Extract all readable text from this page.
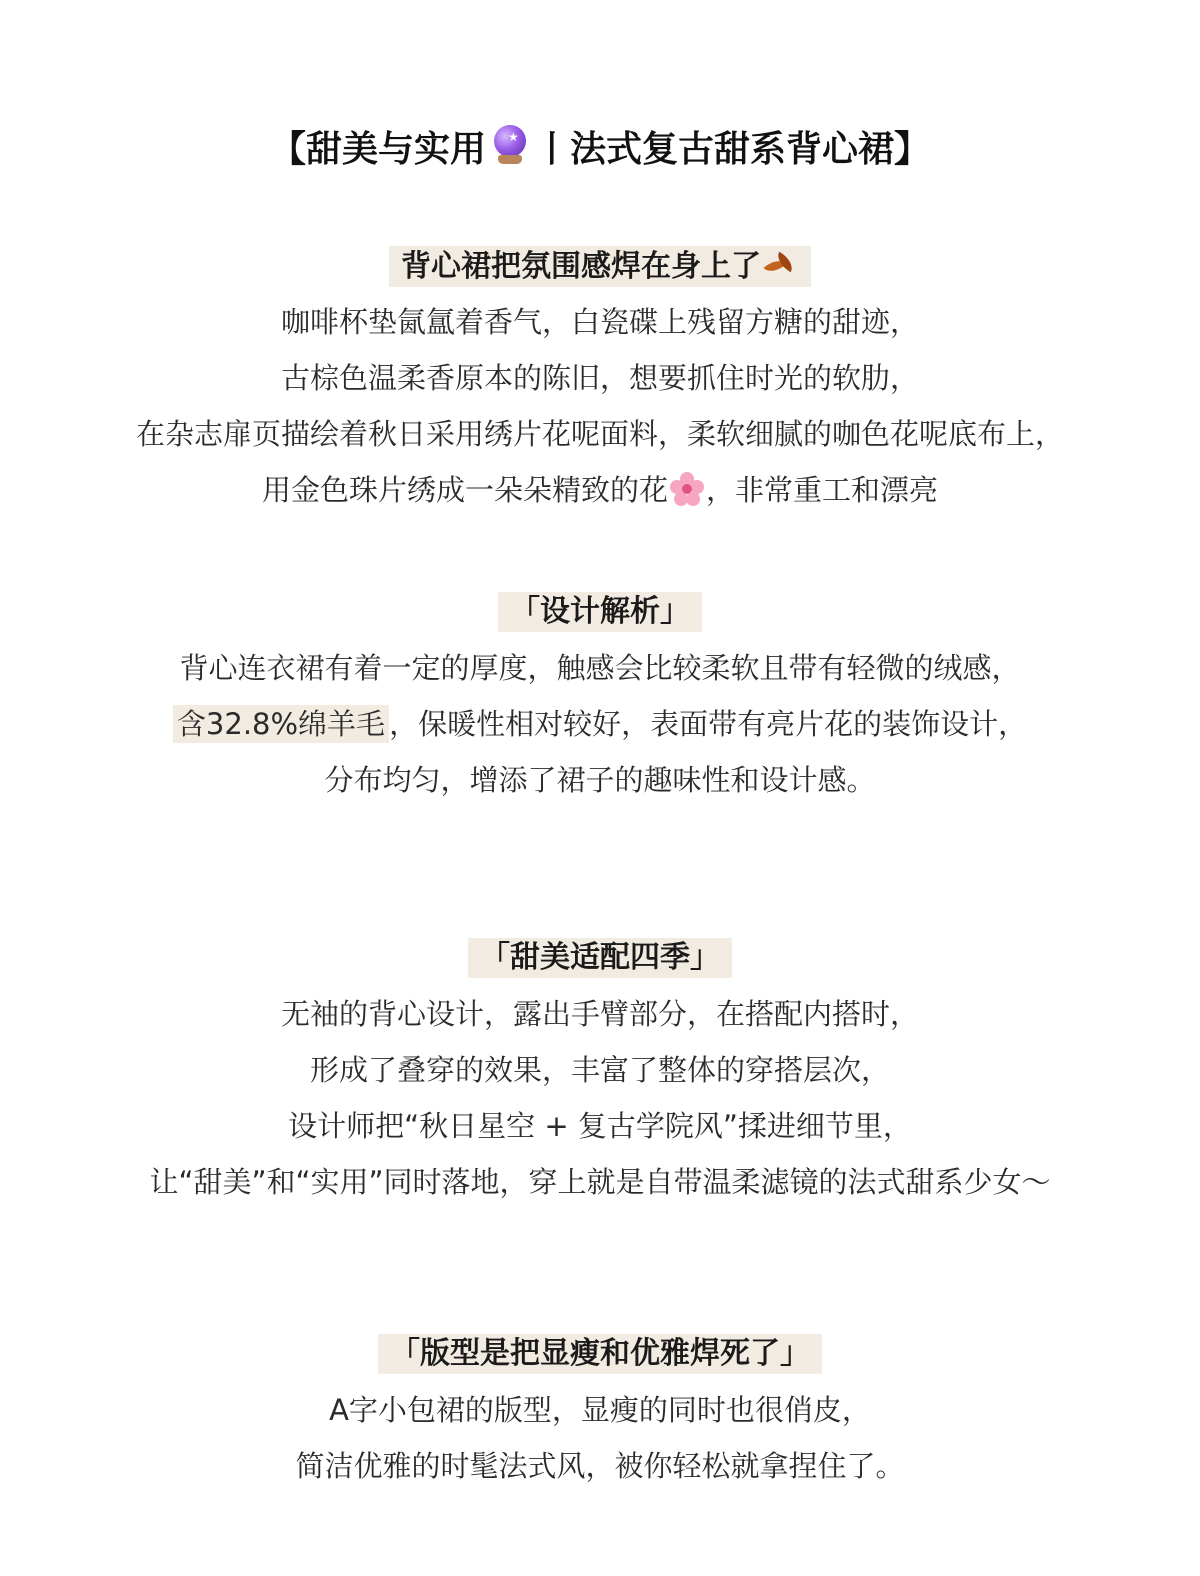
【甜美与实用 ★ 丨法式复古甜系背心裙】
背心裙把氛围感焊在身上了
咖啡杯垫氤氲着香气，白瓷碟上残留方糖的甜迹，
古棕色温柔香原本的陈旧，想要抓住时光的软肋，
在杂志扉页描绘着秋日采用绣片花呢面料，柔软细腻的咖色花呢底布上，
用金色珠片绣成一朵朵精致的花 ，非常重工和漂亮
「设计解析」
背心连衣裙有着一定的厚度，触感会比较柔软且带有轻微的绒感，
含32.8%绵羊毛 ，保暖性相对较好，表面带有亮片花的装饰设计，
分布均匀，增添了裙子的趣味性和设计感。
「甜美适配四季」
无袖的背心设计，露出手臂部分，在搭配内搭时，
形成了叠穿的效果，丰富了整体的穿搭层次，
设计师把“秋日星空 + 复古学院风”揉进细节里，
让“甜美”和“实用”同时落地，穿上就是自带温柔滤镜的法式甜系少女～
「版型是把显瘦和优雅焊死了」
A字小包裙的版型，显瘦的同时也很俏皮，
简洁优雅的时髦法式风，被你轻松就拿捏住了。
